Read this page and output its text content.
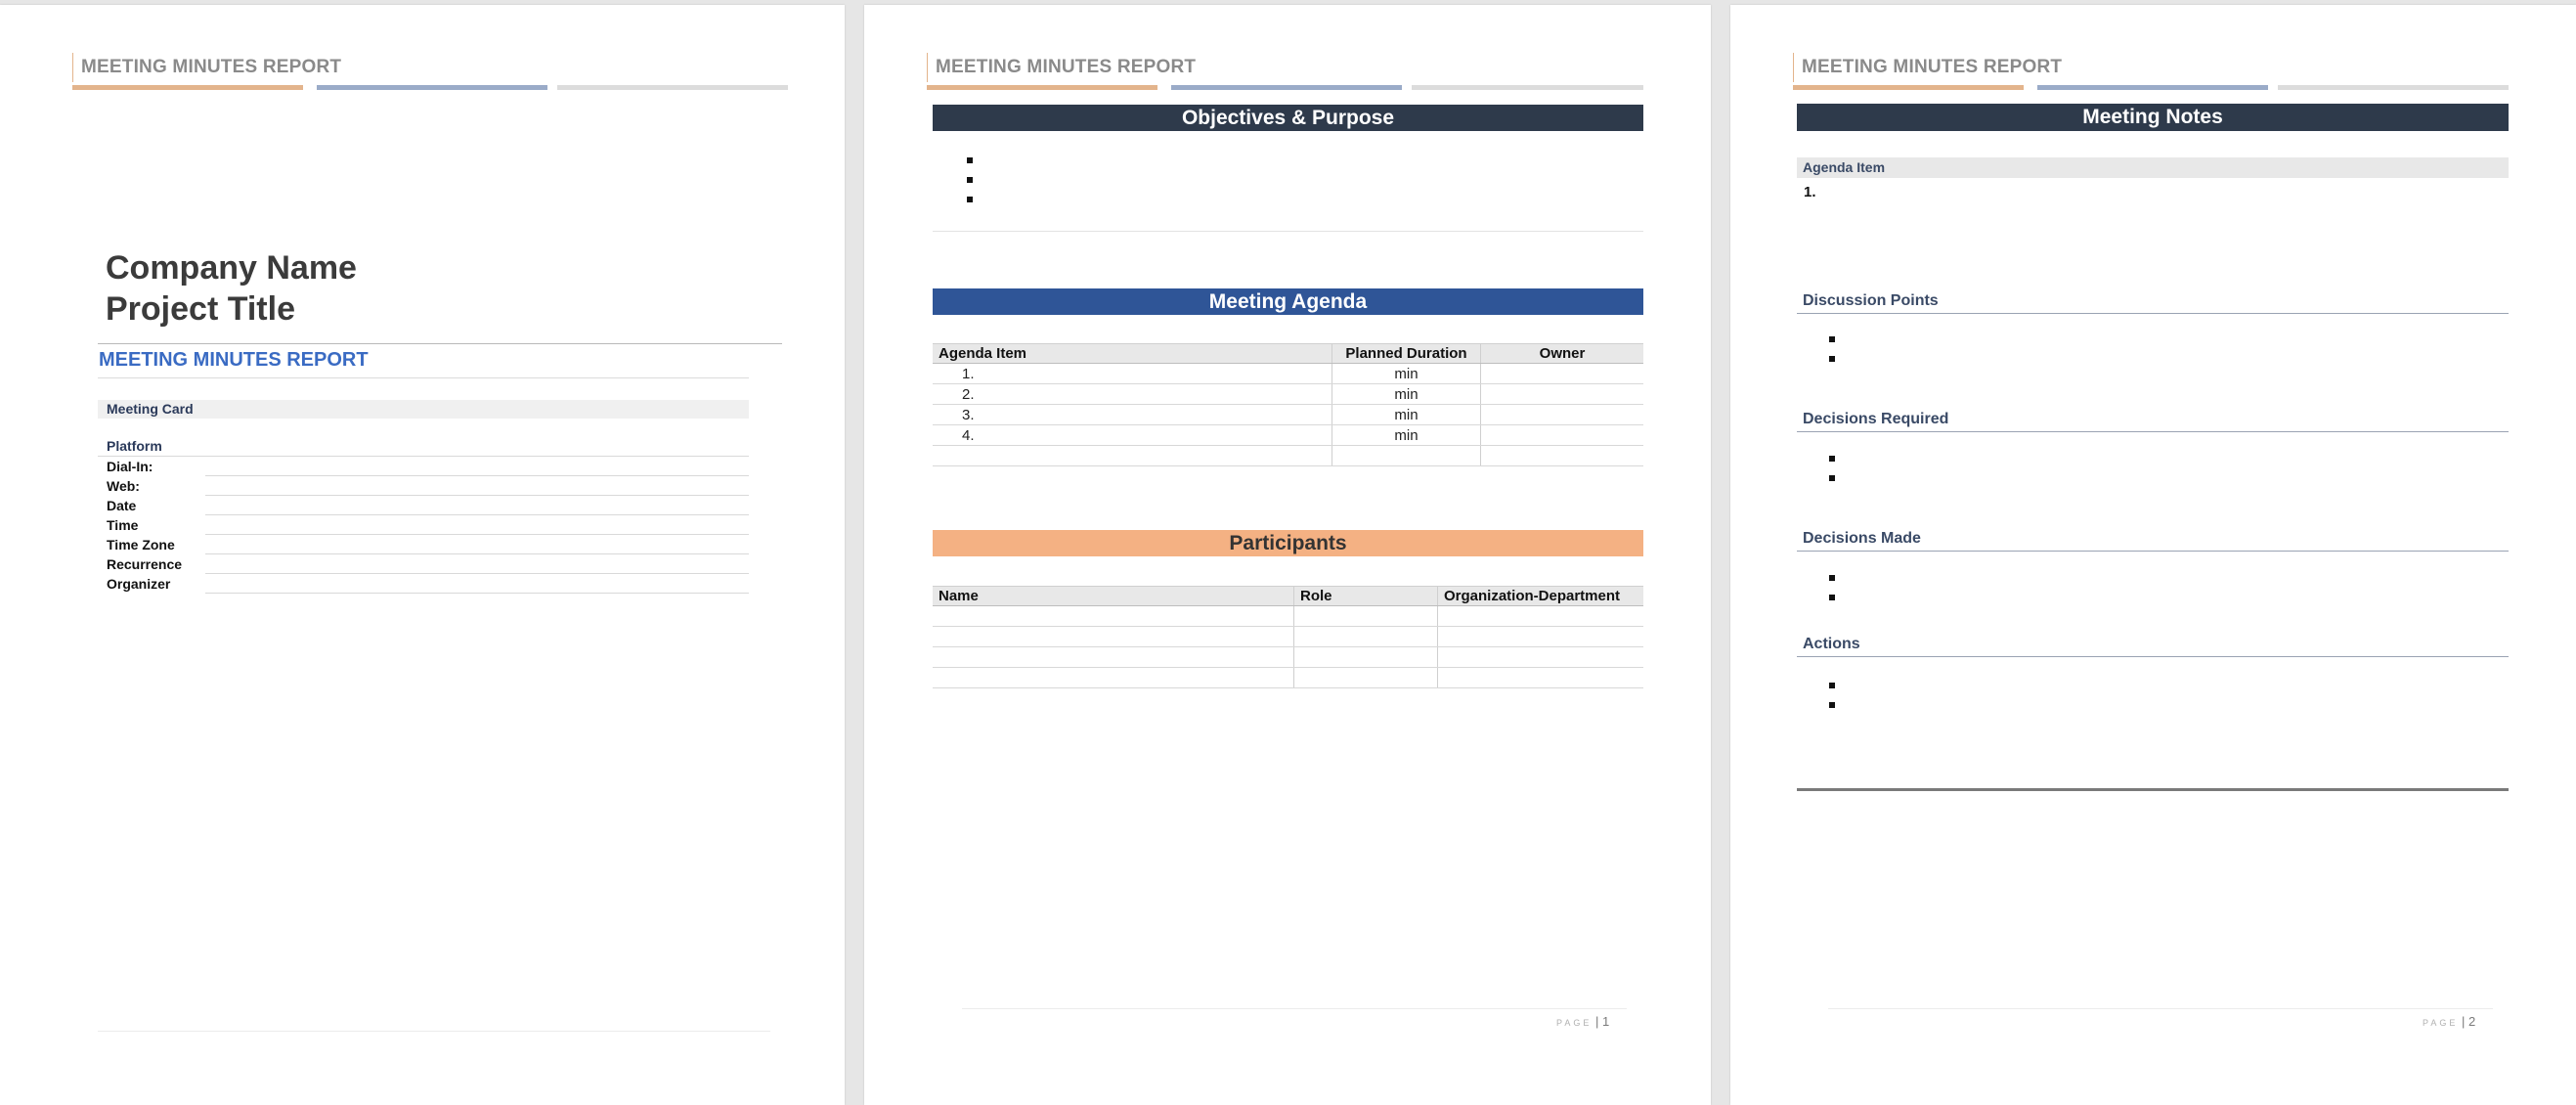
MEETING MINUTES REPORT
Company Name
Project Title
MEETING MINUTES REPORT
Meeting Card
Platform
Dial-In:
Web:
Date
Time
Time Zone
Recurrence
Organizer
MEETING MINUTES REPORT
Objectives & Purpose
Meeting Agenda
Agenda Item	Planned Duration	Owner
1.	min	
2.	min	
3.	min	
4.	min	

Participants
Name	Role	Organization-Department

PAGE | 1
MEETING MINUTES REPORT
Meeting Notes
Agenda Item
1.
Discussion Points
Decisions Required
Decisions Made
Actions
PAGE | 2
